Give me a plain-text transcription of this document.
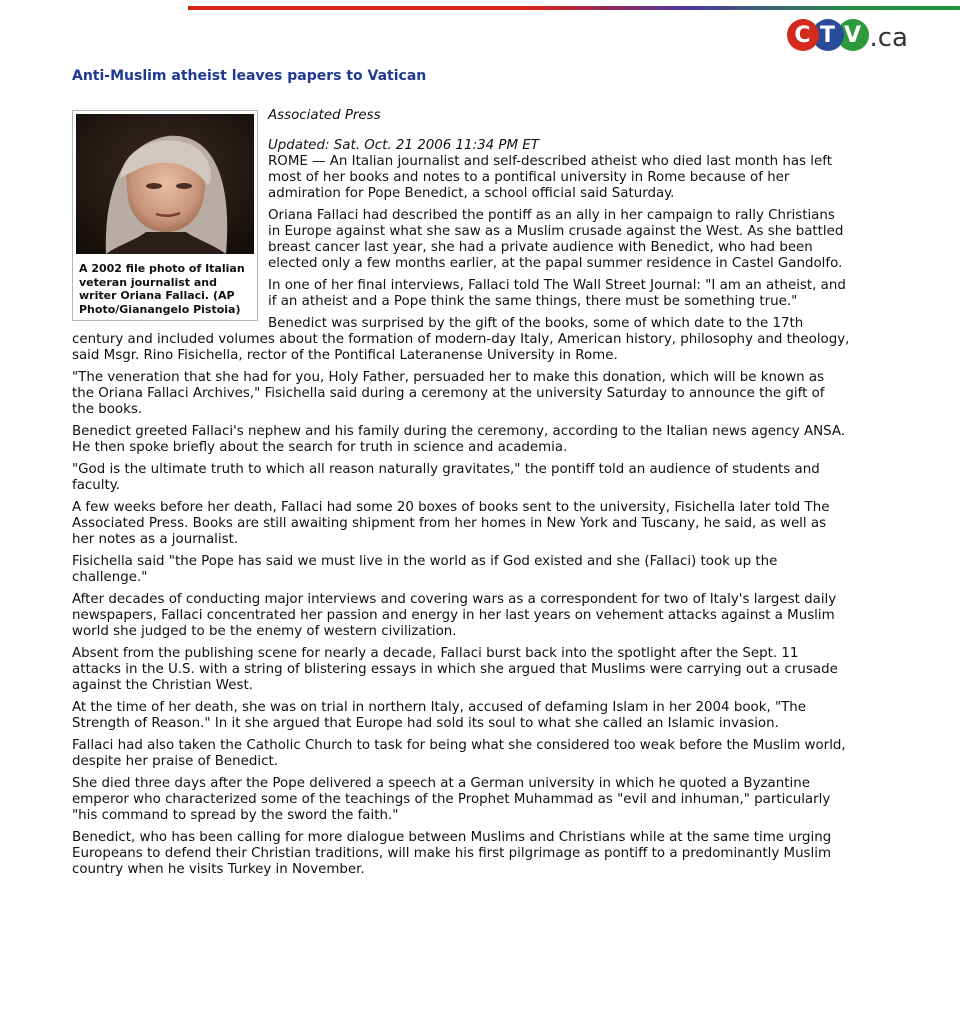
C T V .ca
Anti-Muslim atheist leaves papers to Vatican
A 2002 file photo of Italian veteran journalist and writer Oriana Fallaci. (AP Photo/Gianangelo Pistoia)

Associated Press

Updated: Sat. Oct. 21 2006 11:34 PM ET

ROME — An Italian journalist and self-described atheist who died last month has left most of her books and notes to a pontifical university in Rome because of her admiration for Pope Benedict, a school official said Saturday.

Oriana Fallaci had described the pontiff as an ally in her campaign to rally Christians in Europe against what she saw as a Muslim crusade against the West. As she battled breast cancer last year, she had a private audience with Benedict, who had been elected only a few months earlier, at the papal summer residence in Castel Gandolfo.

In one of her final interviews, Fallaci told The Wall Street Journal: "I am an atheist, and if an atheist and a Pope think the same things, there must be something true."

Benedict was surprised by the gift of the books, some of which date to the 17th century and included volumes about the formation of modern-day Italy, American history, philosophy and theology, said Msgr. Rino Fisichella, rector of the Pontifical Lateranense University in Rome.

"The veneration that she had for you, Holy Father, persuaded her to make this donation, which will be known as the Oriana Fallaci Archives," Fisichella said during a ceremony at the university Saturday to announce the gift of the books.

Benedict greeted Fallaci's nephew and his family during the ceremony, according to the Italian news agency ANSA. He then spoke briefly about the search for truth in science and academia.

"God is the ultimate truth to which all reason naturally gravitates," the pontiff told an audience of students and faculty.

A few weeks before her death, Fallaci had some 20 boxes of books sent to the university, Fisichella later told The Associated Press. Books are still awaiting shipment from her homes in New York and Tuscany, he said, as well as her notes as a journalist.

Fisichella said "the Pope has said we must live in the world as if God existed and she (Fallaci) took up the challenge."

After decades of conducting major interviews and covering wars as a correspondent for two of Italy's largest daily newspapers, Fallaci concentrated her passion and energy in her last years on vehement attacks against a Muslim world she judged to be the enemy of western civilization.

Absent from the publishing scene for nearly a decade, Fallaci burst back into the spotlight after the Sept. 11 attacks in the U.S. with a string of blistering essays in which she argued that Muslims were carrying out a crusade against the Christian West.

At the time of her death, she was on trial in northern Italy, accused of defaming Islam in her 2004 book, "The Strength of Reason." In it she argued that Europe had sold its soul to what she called an Islamic invasion.

Fallaci had also taken the Catholic Church to task for being what she considered too weak before the Muslim world, despite her praise of Benedict.

She died three days after the Pope delivered a speech at a German university in which he quoted a Byzantine emperor who characterized some of the teachings of the Prophet Muhammad as "evil and inhuman," particularly "his command to spread by the sword the faith."

Benedict, who has been calling for more dialogue between Muslims and Christians while at the same time urging Europeans to defend their Christian traditions, will make his first pilgrimage as pontiff to a predominantly Muslim country when he visits Turkey in November.
